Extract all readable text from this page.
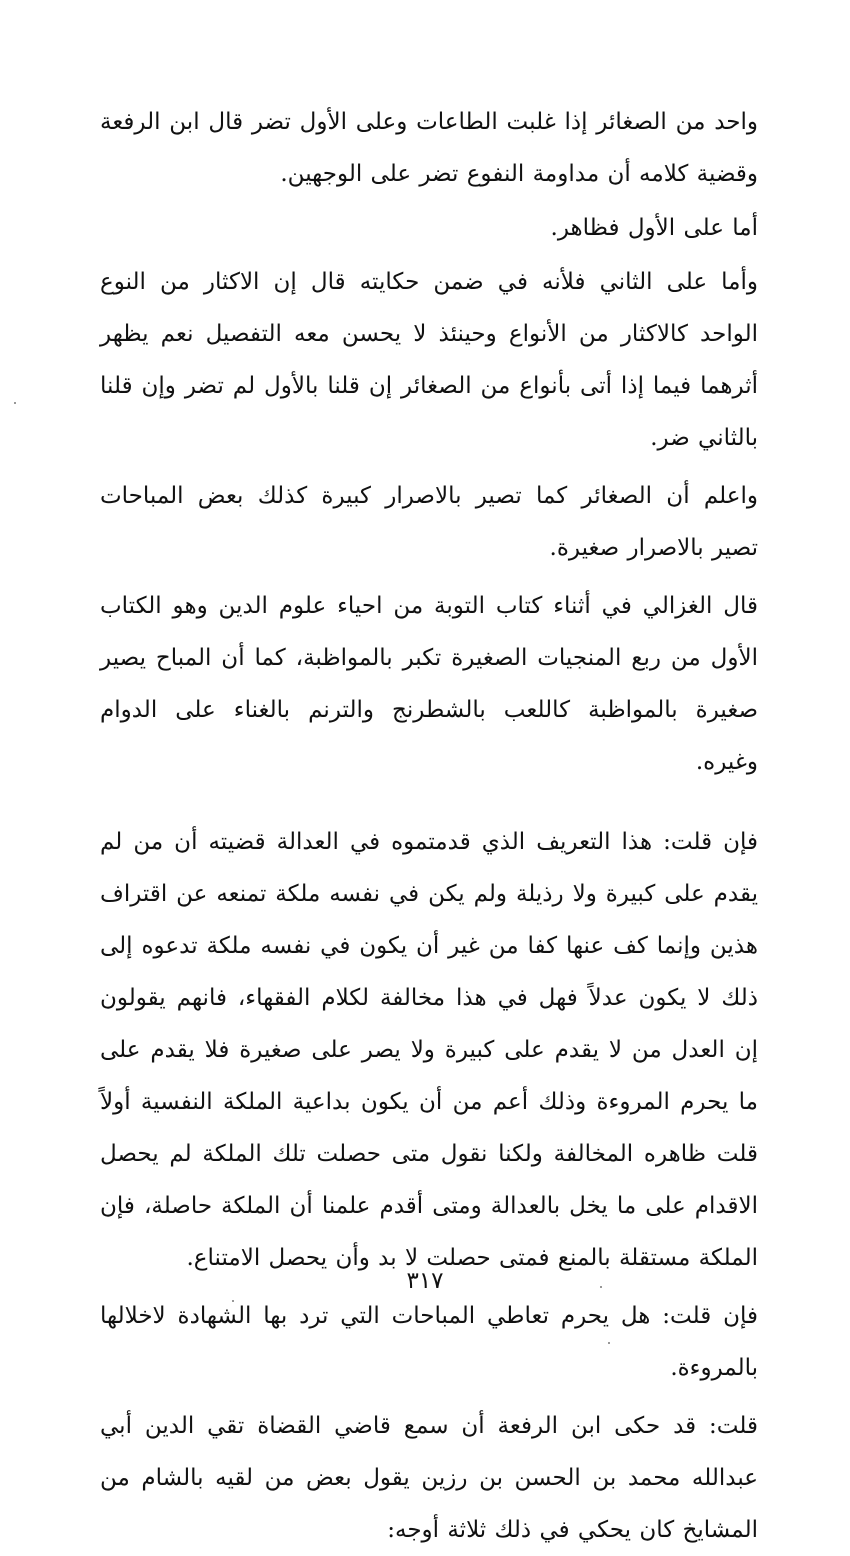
واحد من الصغائر إذا غلبت الطاعات وعلى الأول تضر قال ابن الرفعة وقضية كلامه أن مداومة النفوع تضر على الوجهين.

أما على الأول فظاهر.

وأما على الثاني فلأنه في ضمن حكايته قال إن الاكثار من النوع الواحد كالاكثار من الأنواع وحينئذ لا يحسن معه التفصيل نعم يظهر أثرهما فيما إذا أتى بأنواع من الصغائر إن قلنا بالأول لم تضر وإن قلنا بالثاني ضر.

واعلم أن الصغائر كما تصير بالاصرار كبيرة كذلك بعض المباحات تصير بالاصرار صغيرة.

قال الغزالي في أثناء كتاب التوبة من احياء علوم الدين وهو الكتاب الأول من ربع المنجيات الصغيرة تكبر بالمواظبة، كما أن المباح يصير صغيرة بالمواظبة كاللعب بالشطرنج والترنم بالغناء على الدوام وغيره.

فإن قلت: هذا التعريف الذي قدمتموه في العدالة قضيته أن من لم يقدم على كبيرة ولا رذيلة ولم يكن في نفسه ملكة تمنعه عن اقتراف هذين وإنما كف عنها كفا من غير أن يكون في نفسه ملكة تدعوه إلى ذلك لا يكون عدلاً فهل في هذا مخالفة لكلام الفقهاء، فانهم يقولون إن العدل من لا يقدم على كبيرة ولا يصر على صغيرة فلا يقدم على ما يحرم المروءة وذلك أعم من أن يكون بداعية الملكة النفسية أولاً قلت ظاهره المخالفة ولكنا نقول متى حصلت تلك الملكة لم يحصل الاقدام على ما يخل بالعدالة ومتى أقدم علمنا أن الملكة حاصلة، فإن الملكة مستقلة بالمنع فمتى حصلت لا بد وأن يحصل الامتناع.

فإن قلت: هل يحرم تعاطي المباحات التي ترد بها الشهادة لاخلالها بالمروءة.

قلت: قد حكى ابن الرفعة أن سمع قاضي القضاة تقي الدين أبي عبدالله محمد بن الحسن بن رزين يقول بعض من لقيه بالشام من المشايخ كان يحكي في ذلك ثلاثة أوجه:

٣١٧
